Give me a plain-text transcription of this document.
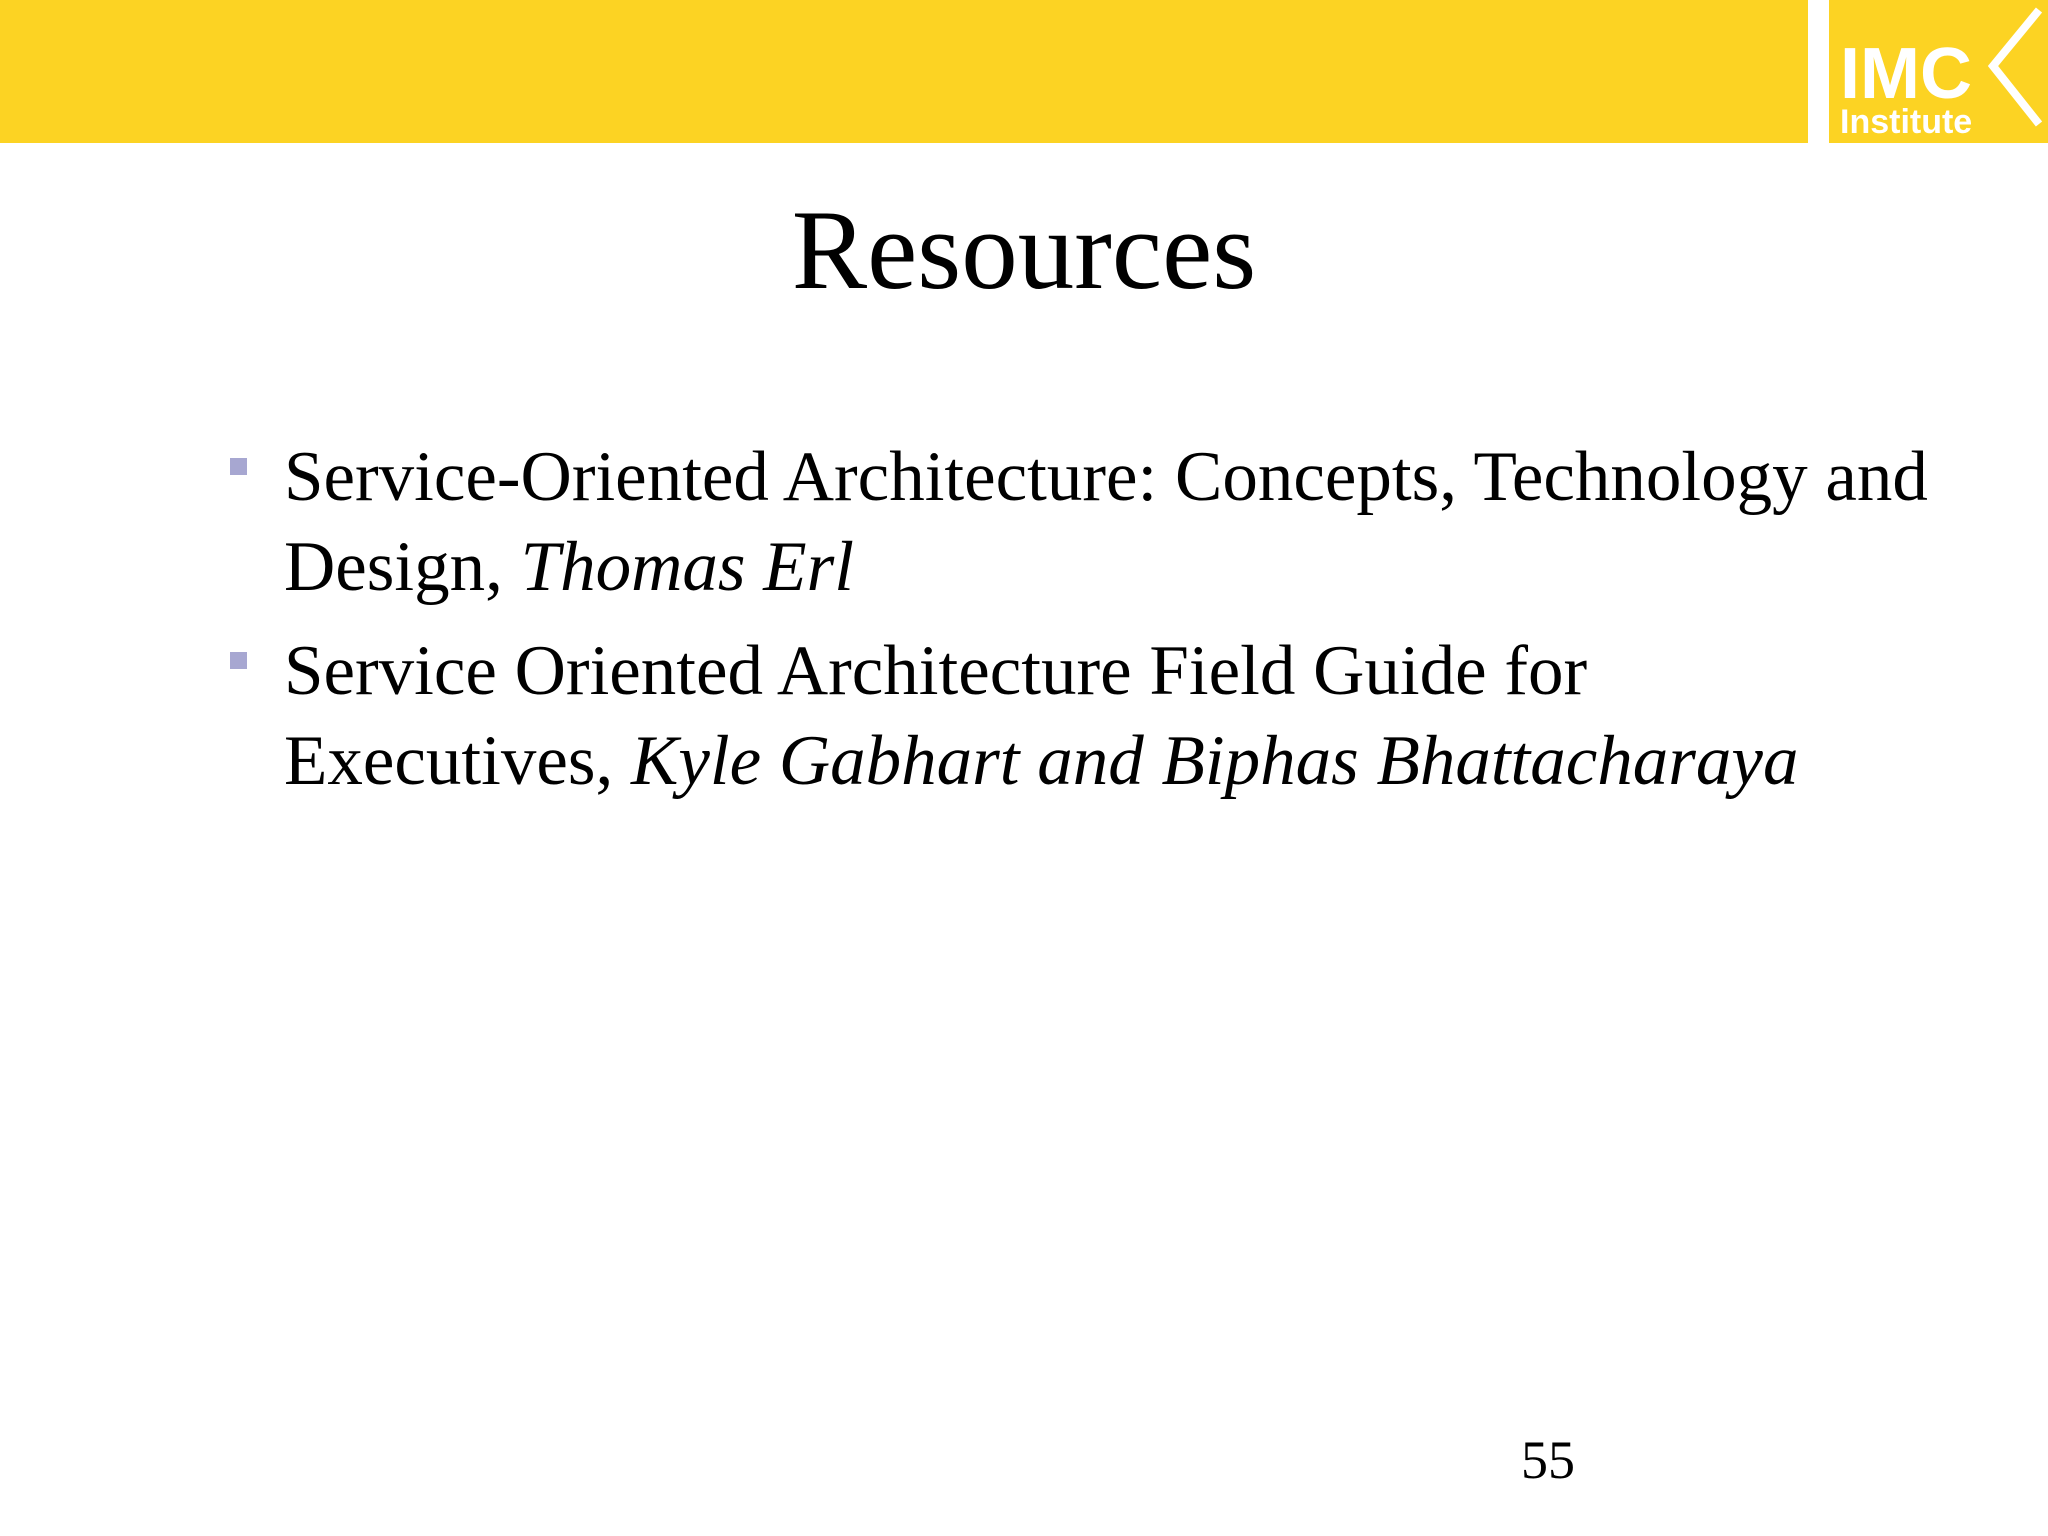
IMC
Institute
Resources
Service-Oriented Architecture: Concepts, Technology and Design, Thomas Erl
Service Oriented Architecture Field Guide for Executives, Kyle Gabhart and Biphas Bhattacharaya
55
